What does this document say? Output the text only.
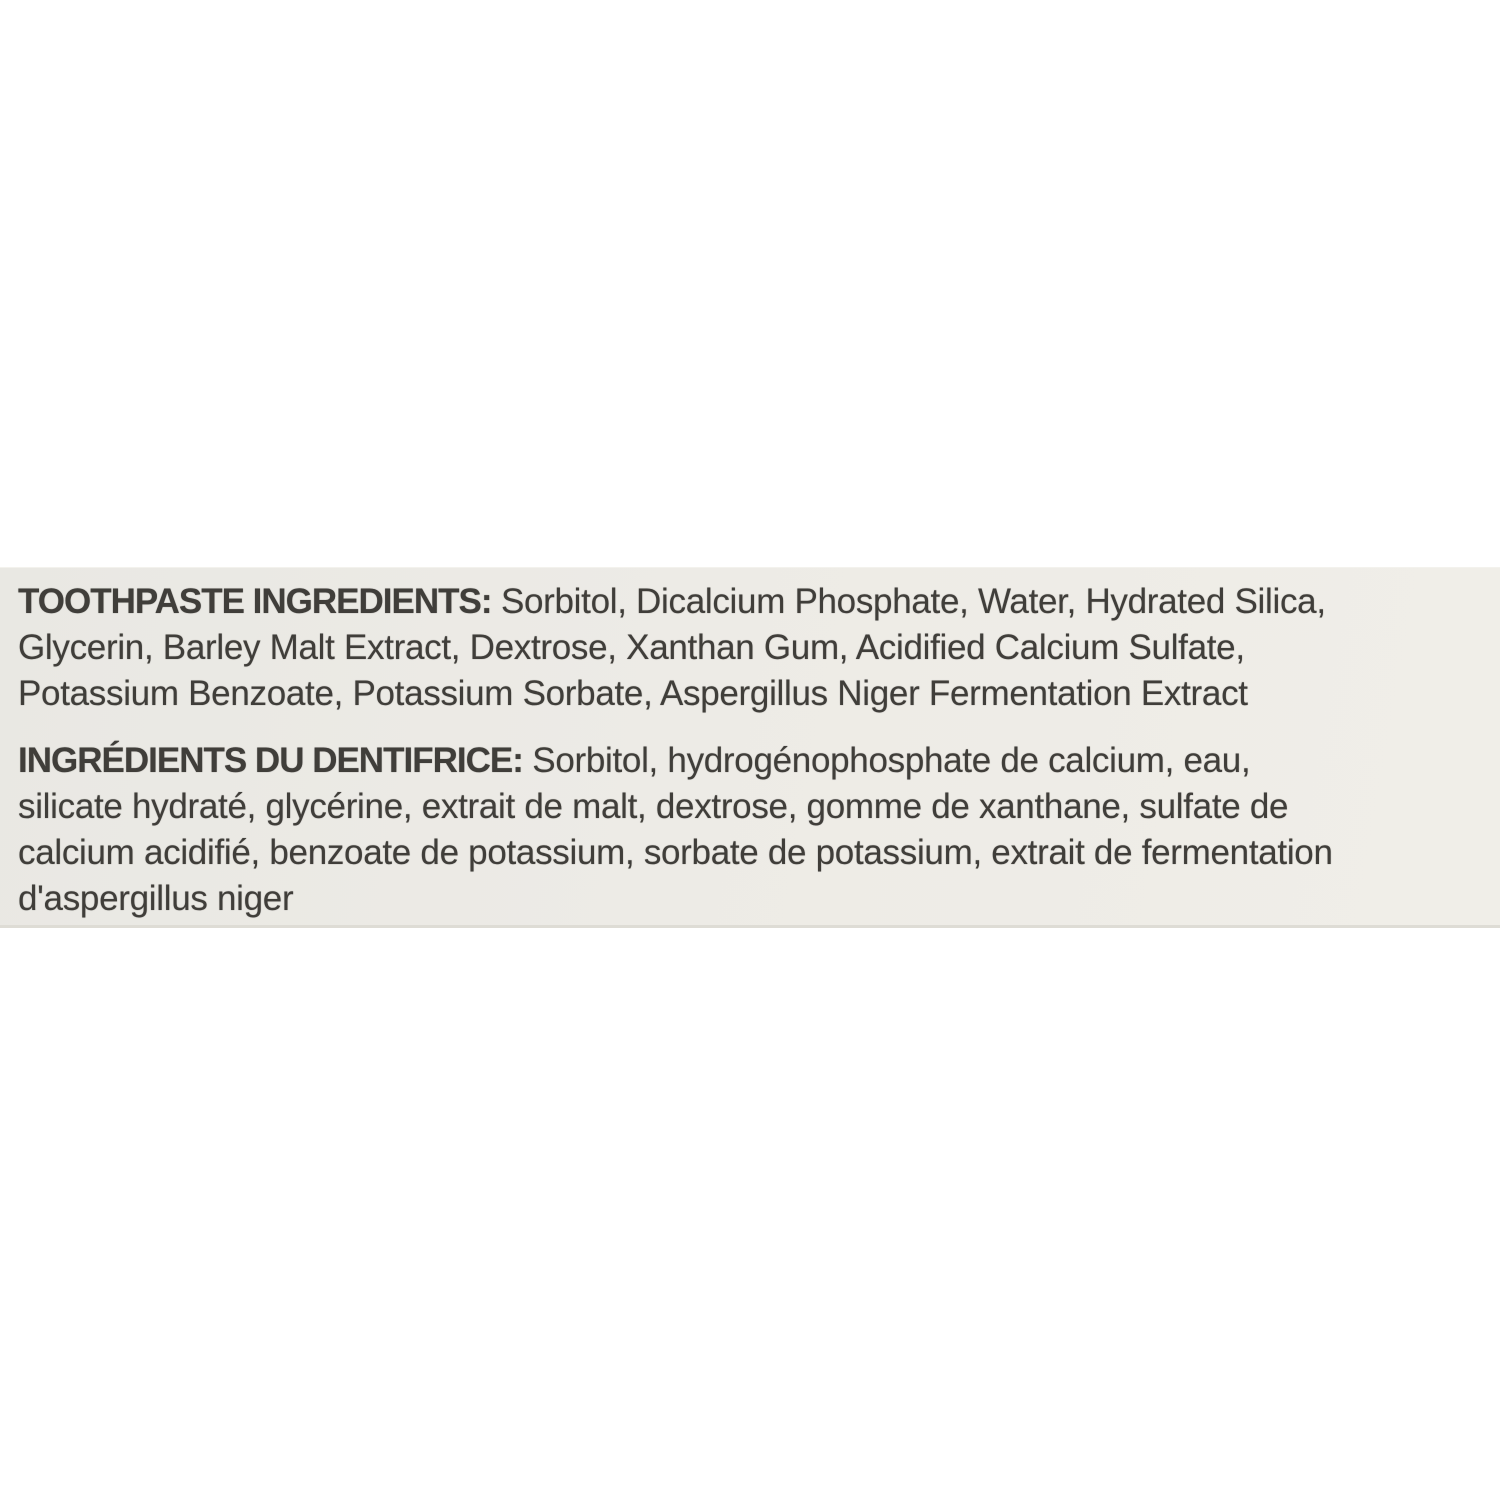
TOOTHPASTE INGREDIENTS: Sorbitol, Dicalcium Phosphate, Water, Hydrated Silica,
Glycerin, Barley Malt Extract, Dextrose, Xanthan Gum, Acidified Calcium Sulfate,
Potassium Benzoate, Potassium Sorbate, Aspergillus Niger Fermentation Extract

INGRÉDIENTS DU DENTIFRICE: Sorbitol, hydrogénophosphate de calcium, eau,
silicate hydraté, glycérine, extrait de malt, dextrose, gomme de xanthane, sulfate de
calcium acidifié, benzoate de potassium, sorbate de potassium, extrait de fermentation
d'aspergillus niger
